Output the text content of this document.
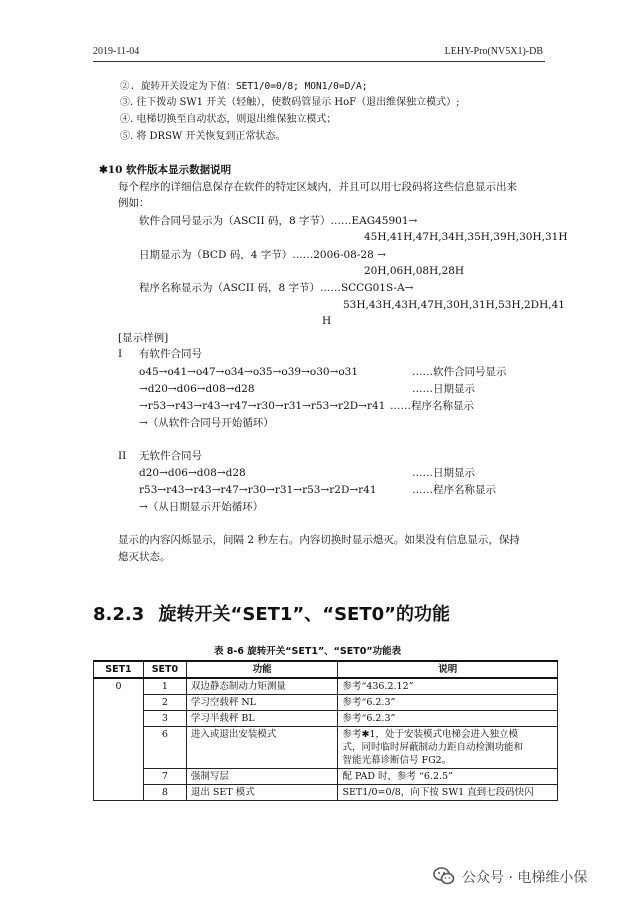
2019-11-04	LEHY-Pro(NV5X1)-DB
②. 旋转开关设定为下值：SET1/0=0/8; MON1/0=D/A;
③. 往下拨动 SW1 开关（轻触），使数码管显示 HoF（退出维保独立模式）;
④. 电梯切换至自动状态，则退出维保独立模式；
⑤. 将 DRSW 开关恢复到正常状态。
✱10 软件版本显示数据说明
每个程序的详细信息保存在软件的特定区域内，并且可以用七段码将这些信息显示出来
例如：
软件合同号显示为（ASCII 码，8 字节）……EAG45901→
45H,41H,47H,34H,35H,39H,30H,31H
日期显示为（BCD 码，4 字节）……2006-08-28 →
20H,06H,08H,28H
程序名称显示为（ASCII 码，8 字节）……SCCG01S-A→
53H,43H,43H,47H,30H,31H,53H,2DH,41
H
[显示样例]
I 有软件合同号
o45→o41→o47→o34→o35→o39→o30→o31	……软件合同号显示
→d20→d06→d08→d28	……日期显示
→r53→r43→r43→r47→r30→r31→r53→r2D→r41 ……程序名称显示
→（从软件合同号开始循环）
II 无软件合同号
d20→d06→d08→d28	……日期显示
r53→r43→r43→r47→r30→r31→r53→r2D→r41	……程序名称显示
→（从日期显示开始循环）
显示的内容闪烁显示，间隔 2 秒左右。内容切换时显示熄灭。如果没有信息显示，保持
熄灭状态。
8.2.3 旋转开关“SET1”、“SET0”的功能
表 8-6 旋转开关“SET1”、“SET0”功能表
SET1	SET0	功能	说明
0	1	双边静态制动力矩测量	参考“436.2.12”
	2	学习空载秤 NL	参考“6.2.3”
	3	学习半载秤 BL	参考“6.2.3”
	6	进入或退出安装模式	参考✱1，处于安装模式电梯会进入独立模
式，同时临时屏蔽制动力距自动检测功能和
智能光幕诊断信号 FG2。

	7	强制写层	配 PAD 时，参考 “6.2.5”
	8	退出 SET 模式	SET1/0=0/8，向下按 SW1 直到七段码快闪
公众号 · 电梯维小保
